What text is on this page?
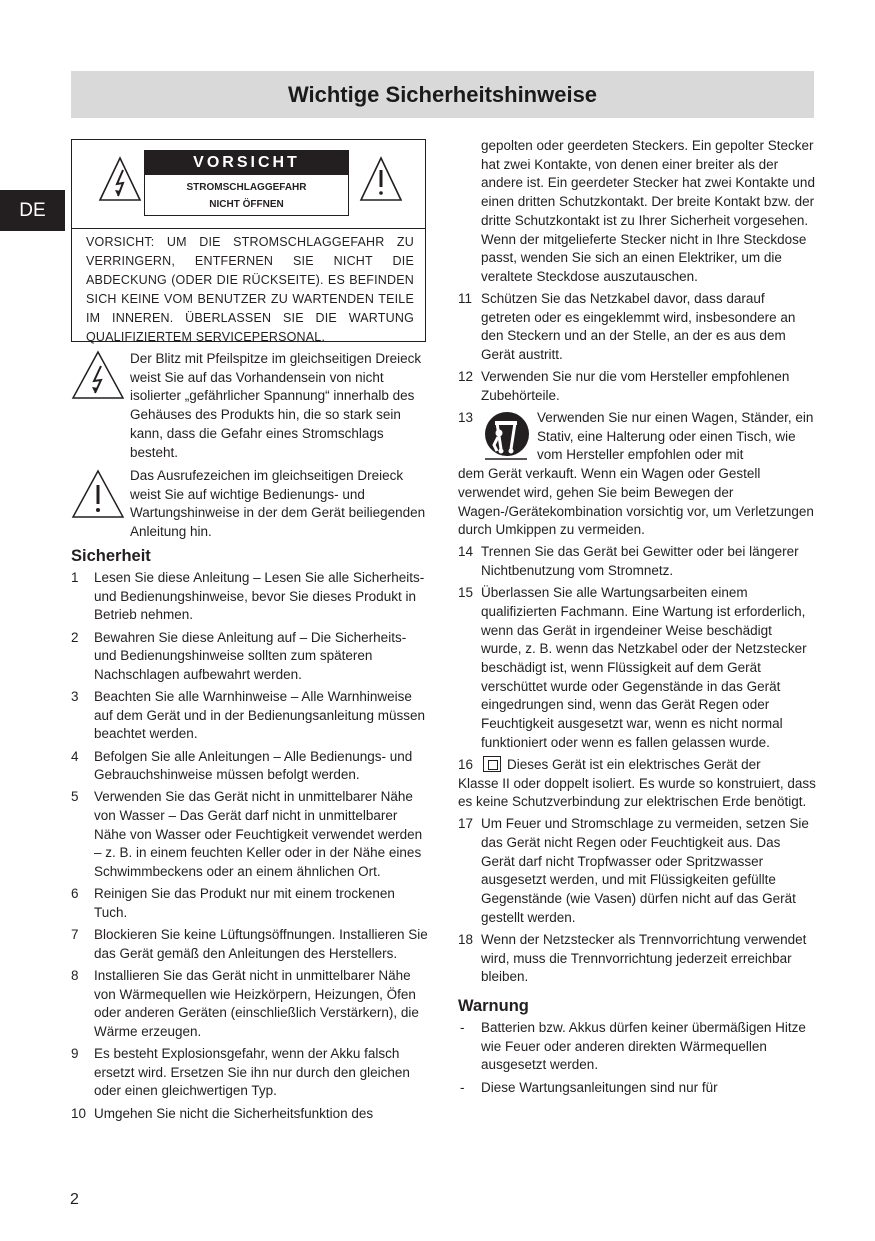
Wichtige Sicherheitshinweise
DE
VORSICHT
STROMSCHLAGGEFAHR
NICHT ÖFFNEN
VORSICHT: UM DIE STROMSCHLAGGEFAHR ZU VERRINGERN, ENTFERNEN SIE NICHT DIE ABDECKUNG (ODER DIE RÜCKSEITE). ES BEFINDEN SICH KEINE VOM BENUTZER ZU WARTENDEN TEILE IM INNEREN. ÜBERLASSEN SIE DIE WARTUNG QUALIFIZIERTEM SERVICEPERSONAL.

Der Blitz mit Pfeilspitze im gleichseitigen Dreieck weist Sie auf das Vorhandensein von nicht isolierter „gefährlicher Spannung“ innerhalb des Gehäuses des Produkts hin, die so stark sein kann, dass die Gefahr eines Stromschlags besteht.

Das Ausrufezeichen im gleichseitigen Dreieck weist Sie auf wichtige Bedienungs- und Wartungshinweise in der dem Gerät beiliegenden Anleitung hin.

Sicherheit
1 Lesen Sie diese Anleitung – Lesen Sie alle Sicherheits- und Bedienungshinweise, bevor Sie dieses Produkt in Betrieb nehmen.
2 Bewahren Sie diese Anleitung auf – Die Sicherheits- und Bedienungshinweise sollten zum späteren Nachschlagen aufbewahrt werden.
3 Beachten Sie alle Warnhinweise – Alle Warnhinweise auf dem Gerät und in der Bedienungsanleitung müssen beachtet werden.
4 Befolgen Sie alle Anleitungen – Alle Bedienungs- und Gebrauchshinweise müssen befolgt werden.
5 Verwenden Sie das Gerät nicht in unmittelbarer Nähe von Wasser – Das Gerät darf nicht in unmittelbarer Nähe von Wasser oder Feuchtigkeit verwendet werden – z. B. in einem feuchten Keller oder in der Nähe eines Schwimmbeckens oder an einem ähnlichen Ort.
6 Reinigen Sie das Produkt nur mit einem trockenen Tuch.
7 Blockieren Sie keine Lüftungsöffnungen. Installieren Sie das Gerät gemäß den Anleitungen des Herstellers.
8 Installieren Sie das Gerät nicht in unmittelbarer Nähe von Wärmequellen wie Heizkörpern, Heizungen, Öfen oder anderen Geräten (einschließlich Verstärkern), die Wärme erzeugen.
9 Es besteht Explosionsgefahr, wenn der Akku falsch ersetzt wird. Ersetzen Sie ihn nur durch den gleichen oder einen gleichwertigen Typ.
10 Umgehen Sie nicht die Sicherheitsfunktion des
gepolten oder geerdeten Steckers. Ein gepolter Stecker hat zwei Kontakte, von denen einer breiter als der andere ist. Ein geerdeter Stecker hat zwei Kontakte und einen dritten Schutzkontakt. Der breite Kontakt bzw. der dritte Schutzkontakt ist zu Ihrer Sicherheit vorgesehen. Wenn der mitgelieferte Stecker nicht in Ihre Steckdose passt, wenden Sie sich an einen Elektriker, um die veraltete Steckdose auszutauschen.
11 Schützen Sie das Netzkabel davor, dass darauf getreten oder es eingeklemmt wird, insbesondere an den Steckern und an der Stelle, an der es aus dem Gerät austritt.
12 Verwenden Sie nur die vom Hersteller empfohlenen Zubehörteile.
13	Verwenden Sie nur einen Wagen, Ständer, ein Stativ, eine Halterung oder einen Tisch, wie vom Hersteller empfohlen oder mit
dem Gerät verkauft. Wenn ein Wagen oder Gestell verwendet wird, gehen Sie beim Bewegen der Wagen-/Gerätekombination vorsichtig vor, um Verletzungen durch Umkippen zu vermeiden.
14 Trennen Sie das Gerät bei Gewitter oder bei längerer Nichtbenutzung vom Stromnetz.
15 Überlassen Sie alle Wartungsarbeiten einem qualifizierten Fachmann. Eine Wartung ist erforderlich, wenn das Gerät in irgendeiner Weise beschädigt wurde, z. B. wenn das Netzkabel oder der Netzstecker beschädigt ist, wenn Flüssigkeit auf dem Gerät verschüttet wurde oder Gegenstände in das Gerät eingedrungen sind, wenn das Gerät Regen oder Feuchtigkeit ausgesetzt war, wenn es nicht normal funktioniert oder wenn es fallen gelassen wurde.
16	Dieses Gerät ist ein elektrisches Gerät der
Klasse II oder doppelt isoliert. Es wurde so konstruiert, dass es keine Schutzverbindung zur elektrischen Erde benötigt.
17 Um Feuer und Stromschlage zu vermeiden, setzen Sie das Gerät nicht Regen oder Feuchtigkeit aus. Das Gerät darf nicht Tropfwasser oder Spritzwasser ausgesetzt werden, und mit Flüssigkeiten gefüllte Gegenstände (wie Vasen) dürfen nicht auf das Gerät gestellt werden.
18 Wenn der Netzstecker als Trennvorrichtung verwendet wird, muss die Trennvorrichtung jederzeit erreichbar bleiben.
Warnung
- Batterien bzw. Akkus dürfen keiner übermäßigen Hitze wie Feuer oder anderen direkten Wärmequellen ausgesetzt werden.
- Diese Wartungsanleitungen sind nur für
2
